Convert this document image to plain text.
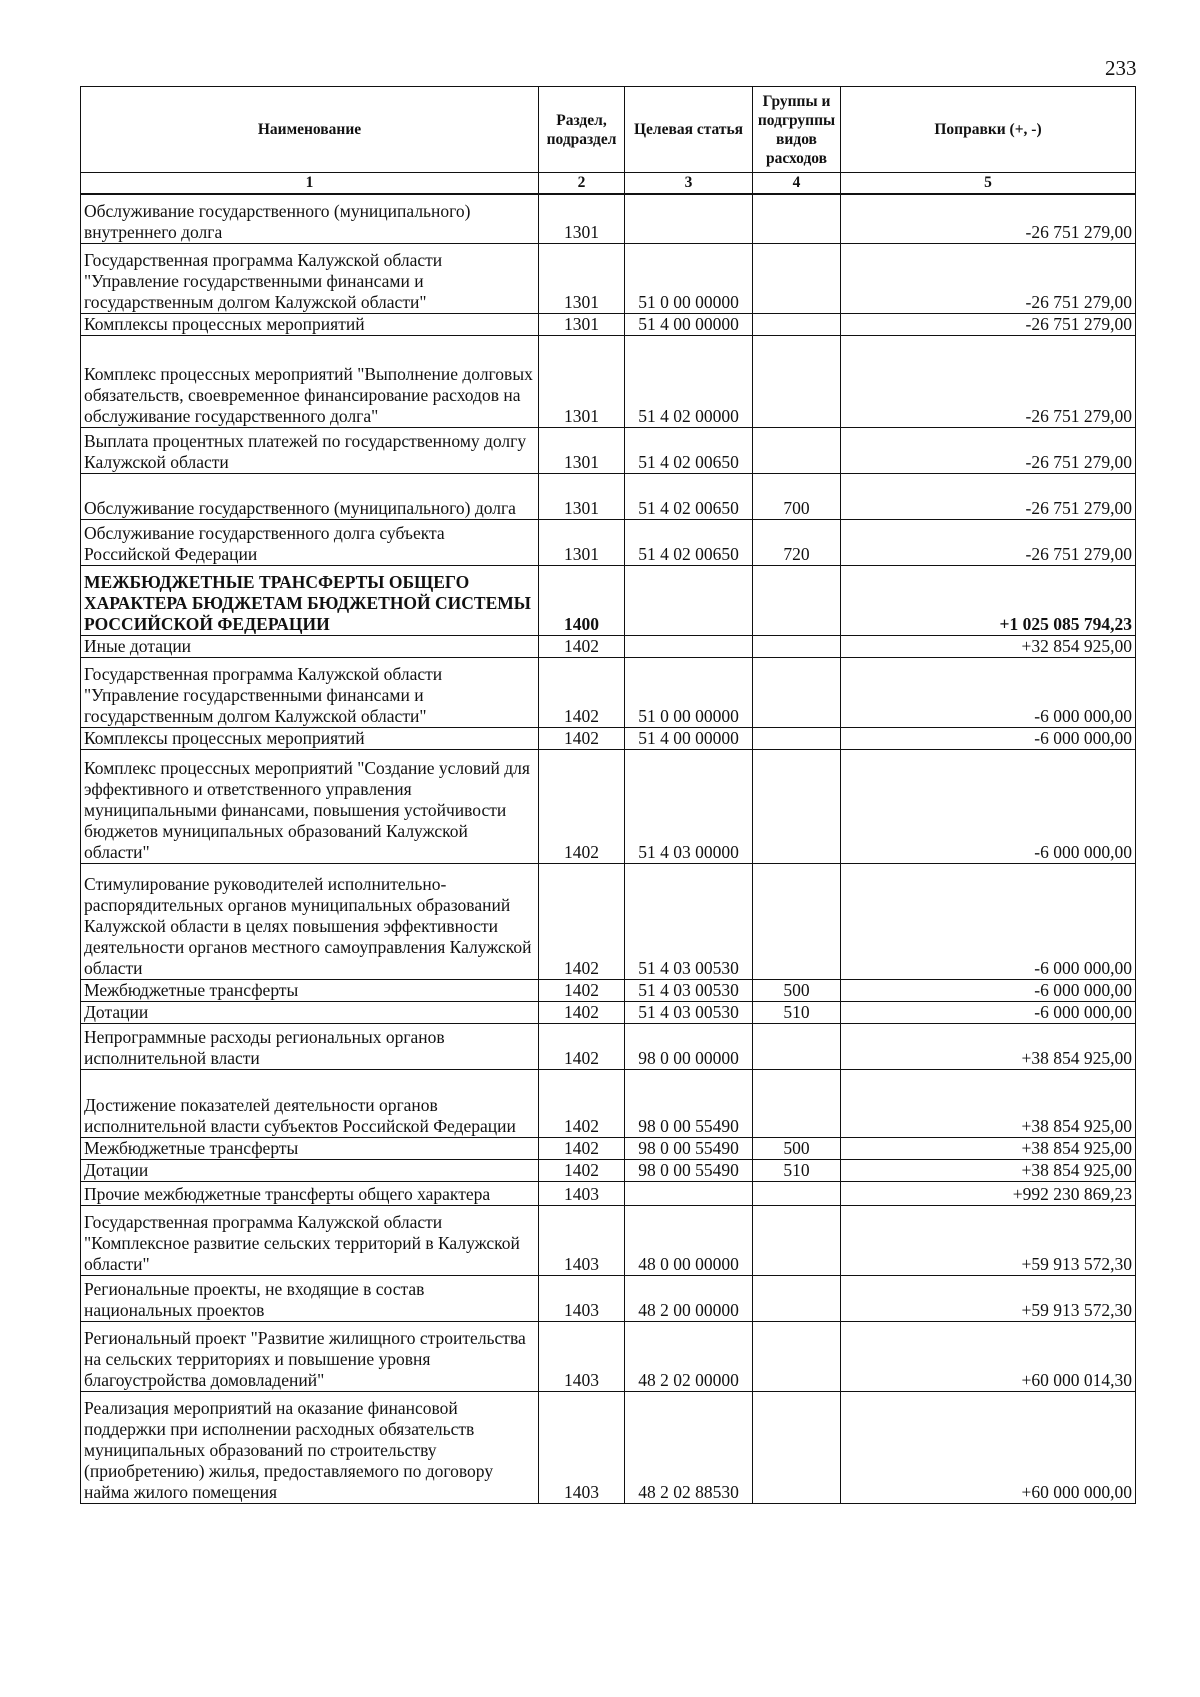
233
Наименование	Раздел, подраздел	Целевая статья	Группы и подгруппы видов расходов	Поправки (+, -)
1	2	3	4	5
Обслуживание государственного (муниципального) внутреннего долга	1301			-26 751 279,00
Государственная программа Калужской области "Управление государственными финансами и государственным долгом Калужской области"	1301	51 0 00 00000		-26 751 279,00
Комплексы процессных мероприятий	1301	51 4 00 00000		-26 751 279,00
Комплекс процессных мероприятий "Выполнение долговых обязательств, своевременное финансирование расходов на обслуживание государственного долга"	1301	51 4 02 00000		-26 751 279,00
Выплата процентных платежей по государственному долгу Калужской области	1301	51 4 02 00650		-26 751 279,00
Обслуживание государственного (муниципального) долга	1301	51 4 02 00650	700	-26 751 279,00
Обслуживание государственного долга субъекта Российской Федерации	1301	51 4 02 00650	720	-26 751 279,00
МЕЖБЮДЖЕТНЫЕ ТРАНСФЕРТЫ ОБЩЕГО ХАРАКТЕРА БЮДЖЕТАМ БЮДЖЕТНОЙ СИСТЕМЫ РОССИЙСКОЙ ФЕДЕРАЦИИ	1400			+1 025 085 794,23
Иные дотации	1402			+32 854 925,00
Государственная программа Калужской области "Управление государственными финансами и государственным долгом Калужской области"	1402	51 0 00 00000		-6 000 000,00
Комплексы процессных мероприятий	1402	51 4 00 00000		-6 000 000,00
Комплекс процессных мероприятий "Создание условий для эффективного и ответственного управления муниципальными финансами, повышения устойчивости бюджетов муниципальных образований Калужской области"	1402	51 4 03 00000		-6 000 000,00
Стимулирование руководителей исполнительно-распорядительных органов муниципальных образований Калужской области в целях повышения эффективности деятельности органов местного самоуправления Калужской области	1402	51 4 03 00530		-6 000 000,00
Межбюджетные трансферты	1402	51 4 03 00530	500	-6 000 000,00
Дотации	1402	51 4 03 00530	510	-6 000 000,00
Непрограммные расходы региональных органов исполнительной власти	1402	98 0 00 00000		+38 854 925,00
Достижение показателей деятельности органов исполнительной власти субъектов Российской Федерации	1402	98 0 00 55490		+38 854 925,00
Межбюджетные трансферты	1402	98 0 00 55490	500	+38 854 925,00
Дотации	1402	98 0 00 55490	510	+38 854 925,00
Прочие межбюджетные трансферты общего характера	1403			+992 230 869,23
Государственная программа Калужской области "Комплексное развитие сельских территорий в Калужской области"	1403	48 0 00 00000		+59 913 572,30
Региональные проекты, не входящие в состав национальных проектов	1403	48 2 00 00000		+59 913 572,30
Региональный проект "Развитие жилищного строительства на сельских территориях и повышение уровня благоустройства домовладений"	1403	48 2 02 00000		+60 000 014,30
Реализация мероприятий на оказание финансовой поддержки при исполнении расходных обязательств муниципальных образований по строительству (приобретению) жилья, предоставляемого по договору найма жилого помещения	1403	48 2 02 88530		+60 000 000,00
